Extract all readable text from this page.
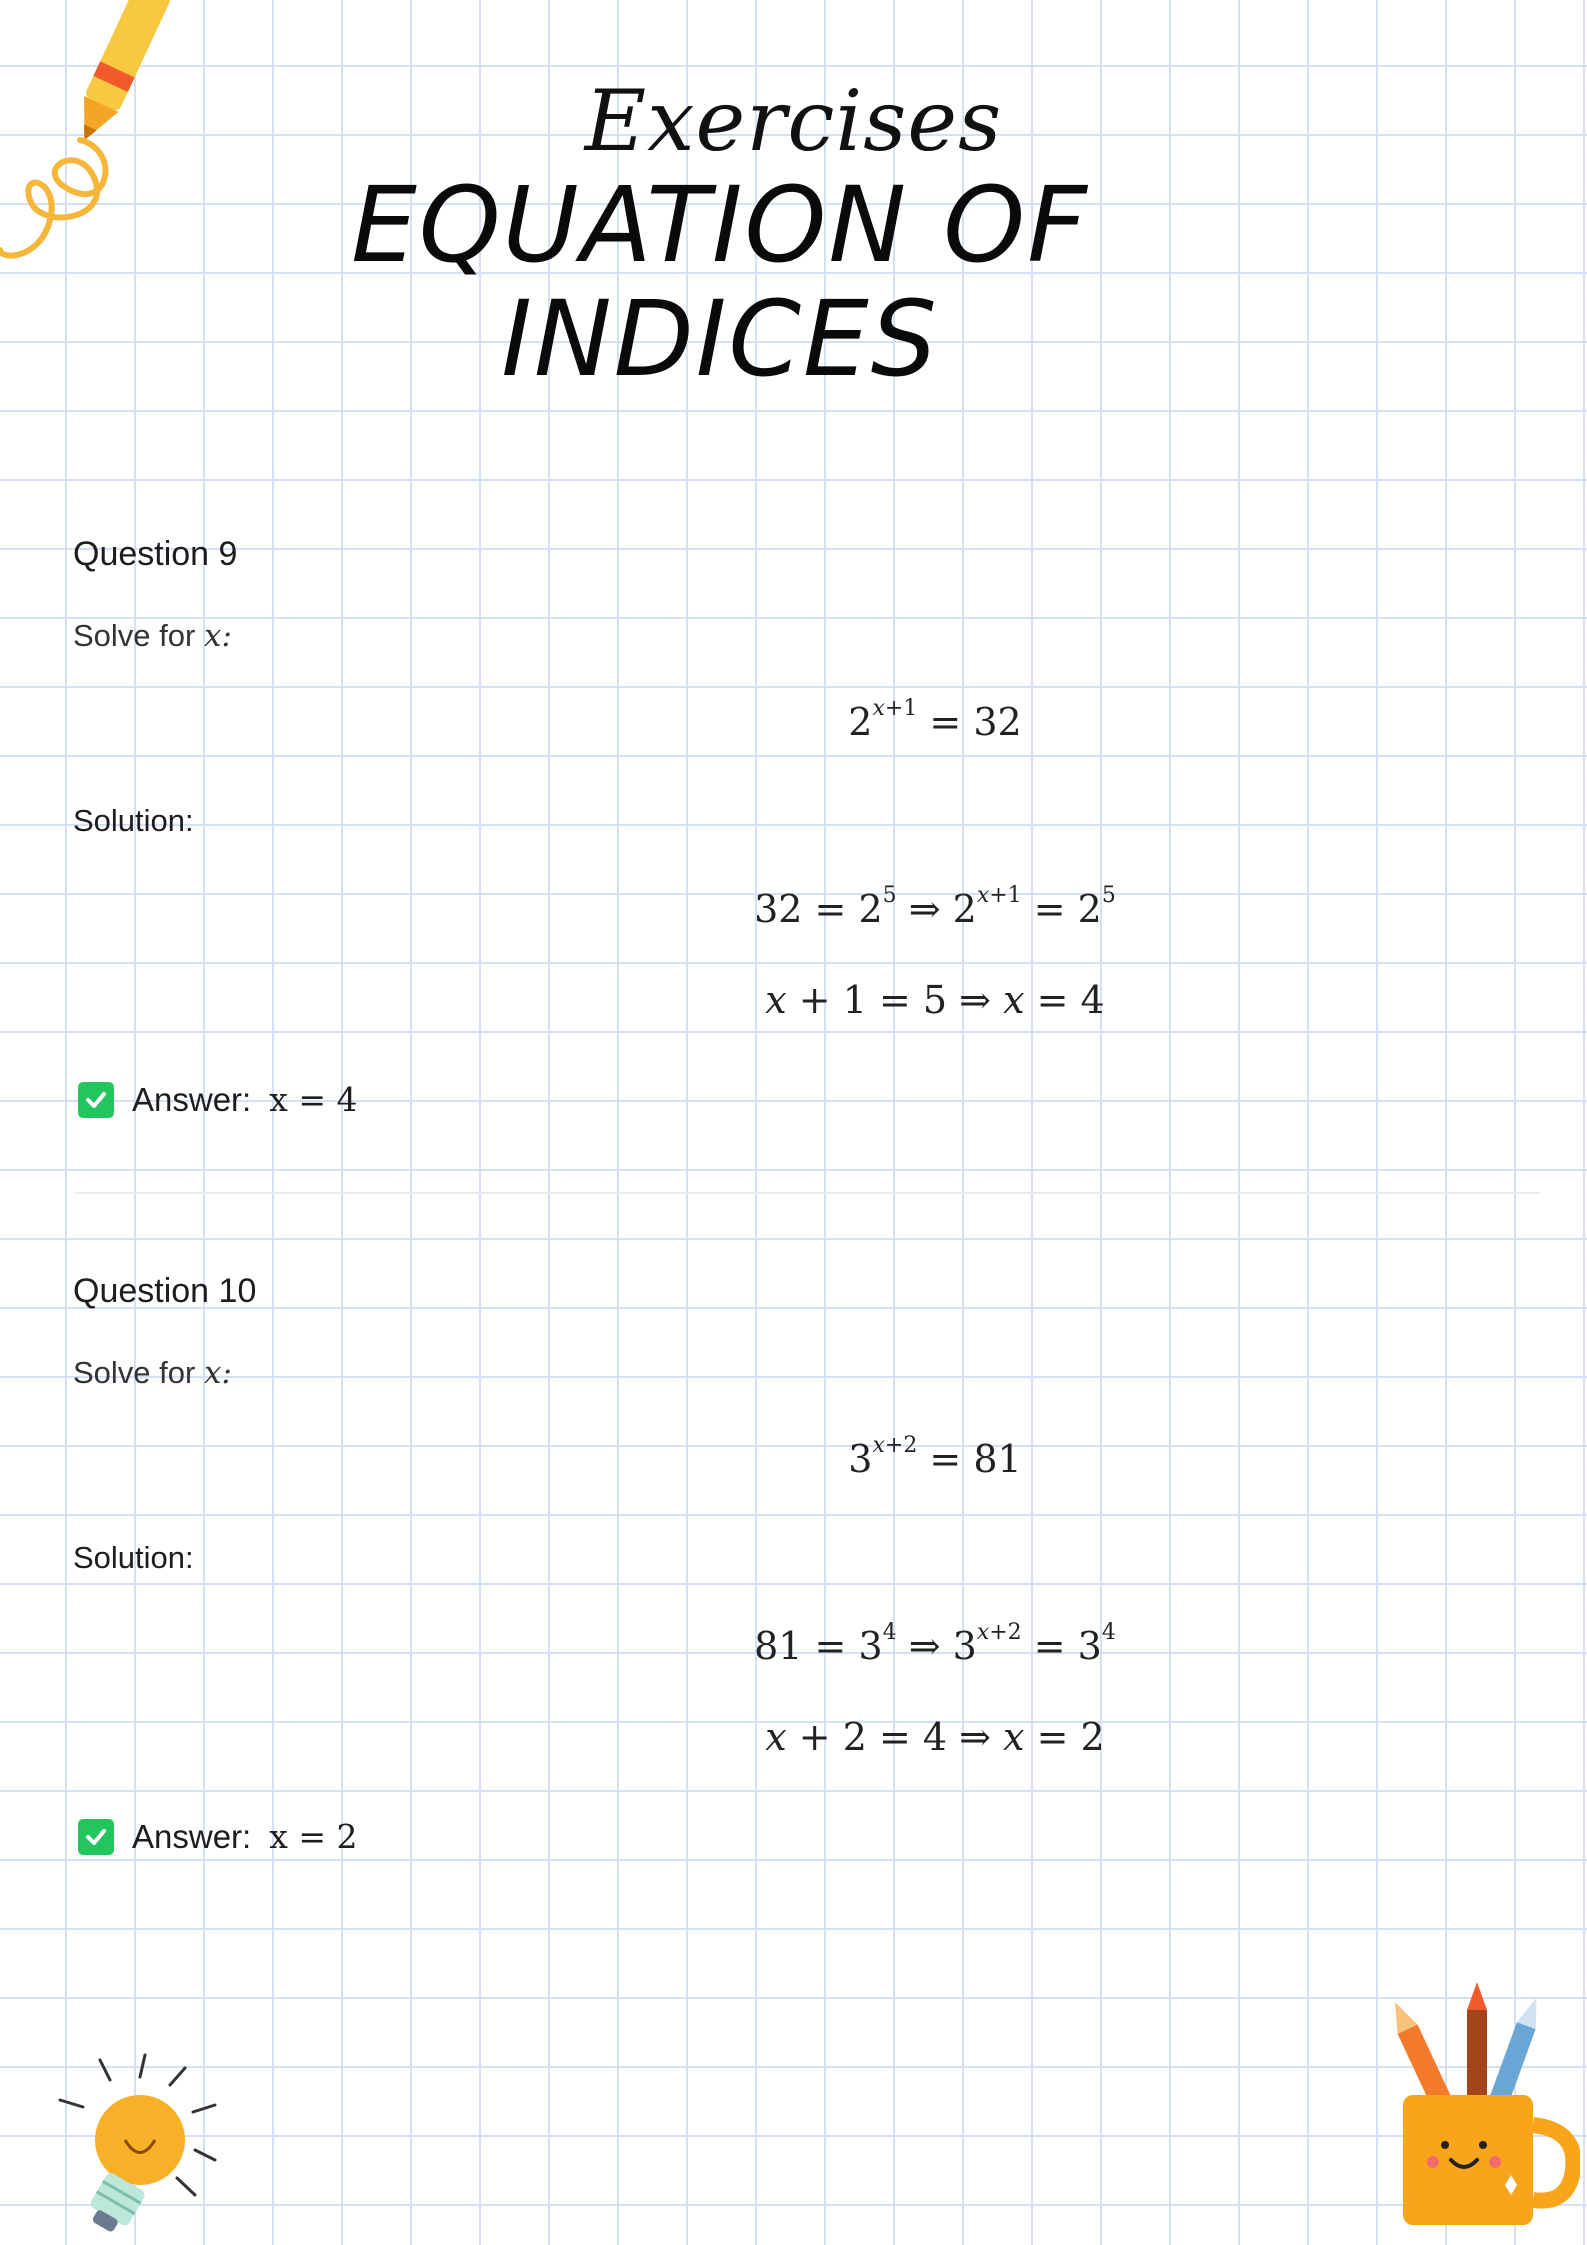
Exercises
EQUATION OF INDICES
Question 9
Solve for x:
$2^{x+1} = 32$
Solution:
$32 = 2^5$ ⇒ $2^{x+1} = 2^5$
x + 1 = 5 ⇒ x = 4
Answer: x = 4
Question 10
Solve for x:
$3^{x+2} = 81$
Solution:
$81 = 3^4$ ⇒ $3^{x+2} = 3^4$
x + 2 = 4 ⇒ x = 2
Answer: x = 2
